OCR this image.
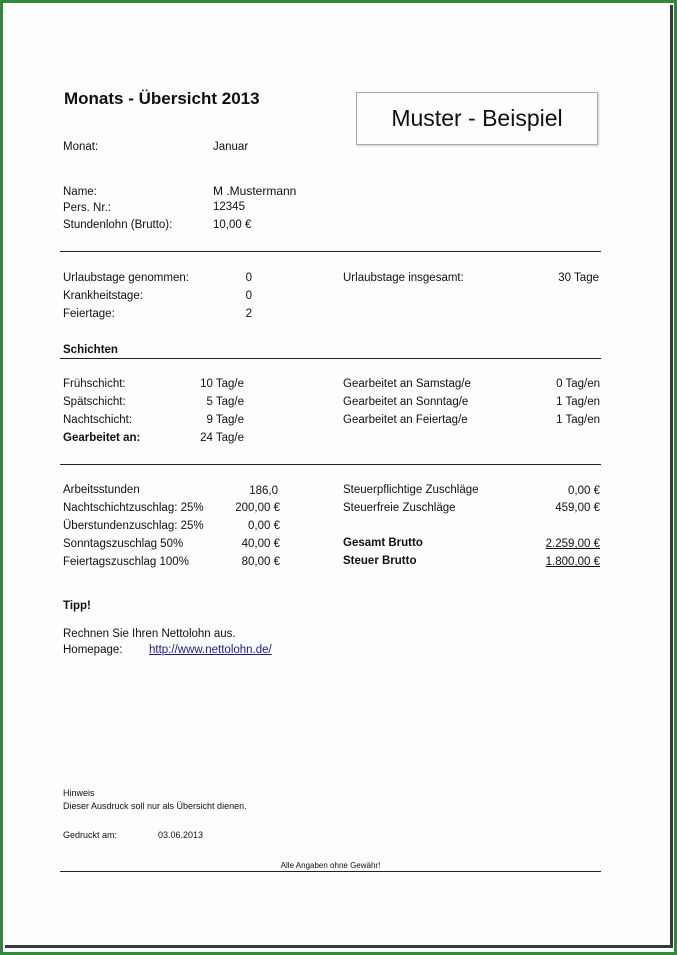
Monats - Übersicht 2013
Muster - Beispiel
Monat:	Januar
Name:	M .Mustermann
Pers. Nr.:	12345
Stundenlohn (Brutto):	10,00 €
Urlaubstage genommen:	0
Krankheitstage:	0
Feiertage:	2
Urlaubstage insgesamt:	30 Tage
Schichten
Frühschicht:	10 Tag/e
Spätschicht:	5 Tag/e
Nachtschicht:	9 Tag/e
Gearbeitet an:	24 Tag/e
Gearbeitet an Samstag/e	0 Tag/en
Gearbeitet an Sonntag/e	1 Tag/en
Gearbeitet an Feiertag/e	1 Tag/en
Arbeitsstunden	186,0
Nachtschichtzuschlag: 25%	200,00 €
Überstundenzuschlag: 25%	0,00 €
Sonntagszuschlag 50%	40,00 €
Feiertagszuschlag 100%	80,00 €
Steuerpflichtige Zuschläge	0,00 €
Steuerfreie Zuschläge	459,00 €
Gesamt Brutto	2.259,00 €
Steuer Brutto	1.800,00 €
Tipp!
Rechnen Sie Ihren Nettolohn aus.
Homepage: http://www.nettolohn.de/
Hinweis
Dieser Ausdruck soll nur als Übersicht dienen.
Gedruckt am:	03.06.2013
Alle Angaben ohne Gewähr!
